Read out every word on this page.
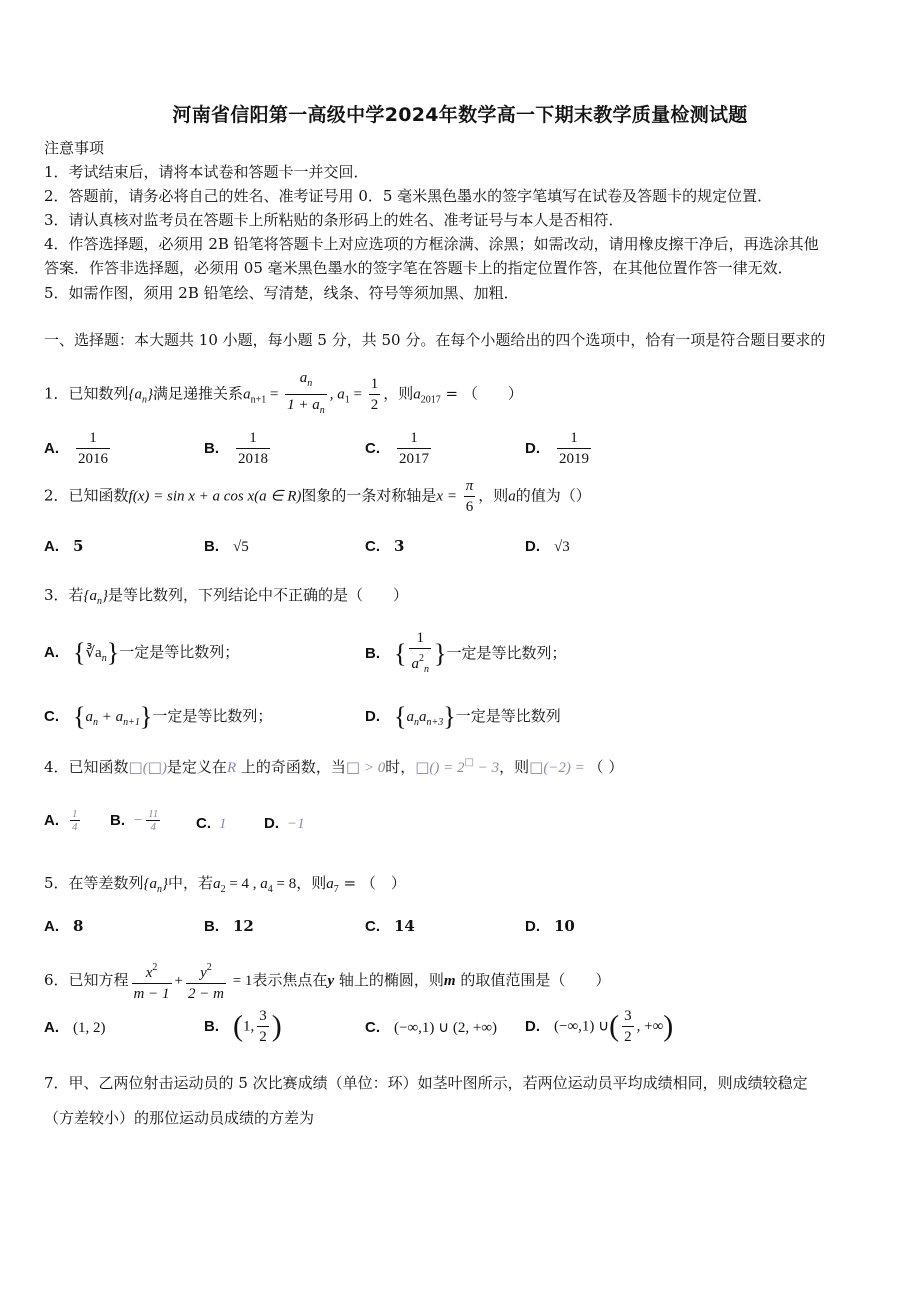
河南省信阳第一高级中学2024年数学高一下期末教学质量检测试题
注意事项
1．考试结束后，请将本试卷和答题卡一并交回．
2．答题前，请务必将自己的姓名、准考证号用 0．5 毫米黑色墨水的签字笔填写在试卷及答题卡的规定位置．
3．请认真核对监考员在答题卡上所粘贴的条形码上的姓名、准考证号与本人是否相符．
4．作答选择题，必须用 2B 铅笔将答题卡上对应选项的方框涂满、涂黑；如需改动，请用橡皮擦干净后，再选涂其他
答案．作答非选择题，必须用 05 毫米黑色墨水的签字笔在答题卡上的指定位置作答，在其他位置作答一律无效．
5．如需作图，须用 2B 铅笔绘、写清楚，线条、符号等须加黑、加粗．
一、选择题：本大题共 10 小题，每小题 5 分，共 50 分。在每个小题给出的四个选项中，恰有一项是符合题目要求的
1．已知数列$\{a_n\}$满足递推关系$a_{n+1} = \frac{a_n}{1 + a_n}$ , $a_1 = \frac{1}{2}$ ，则$a_{2017}$ = （　　）
A. $\frac{1}{2016}$	B. $\frac{1}{2018}$	C. $\frac{1}{2017}$	D. $\frac{1}{2019}$
2．已知函数f(x) = sin x + a cos x(a ∈ R)图象的一条对称轴是$x = \frac{\pi}{6}$ ，则a的值为（）
A. 5	B. √5	C. 3	D. √3
3．若$\{a_n\}$是等比数列，下列结论中不正确的是（　　）
A. $\{∛a_n\}$一定是等比数列；	B. { $\frac{1}{a^2_n}$ }一定是等比数列；
C. $\{a_n + a_{n+1}\}$一定是等比数列；	D. $\{a_na_{n+3}\}$一定是等比数列
4．已知函数□(□)是定义在R 上的奇函数，当□ > 0时，□() = 2□ − 3，则□(−2) = （ ）
A. $\frac{1}{4} B$. − $\frac{11}{4} C$. 1	D. −1
5．在等差数列$\{a_n\}$中，若$a_2 = 4$ , $a_4 = 8$，则$a_7$ = （　）
A. 8	B. 12	C. 14	D. 10
6．已知方程 $\frac{x^2}{m - 1} + \frac{y^2}{2 - m} = 1$表示焦点在y 轴上的椭圆，则m 的取值范围是（　　）
A. (1, 2)	B. (1, $\frac{3}{2}$ )	C. (−∞,1) ∪ (2, +∞) D. (−∞,1) ∪( $\frac{3}{2}$ , +∞)
7．甲、乙两位射击运动员的 5 次比赛成绩（单位：环）如茎叶图所示，若两位运动员平均成绩相同，则成绩较稳定
（方差较小）的那位运动员成绩的方差为
